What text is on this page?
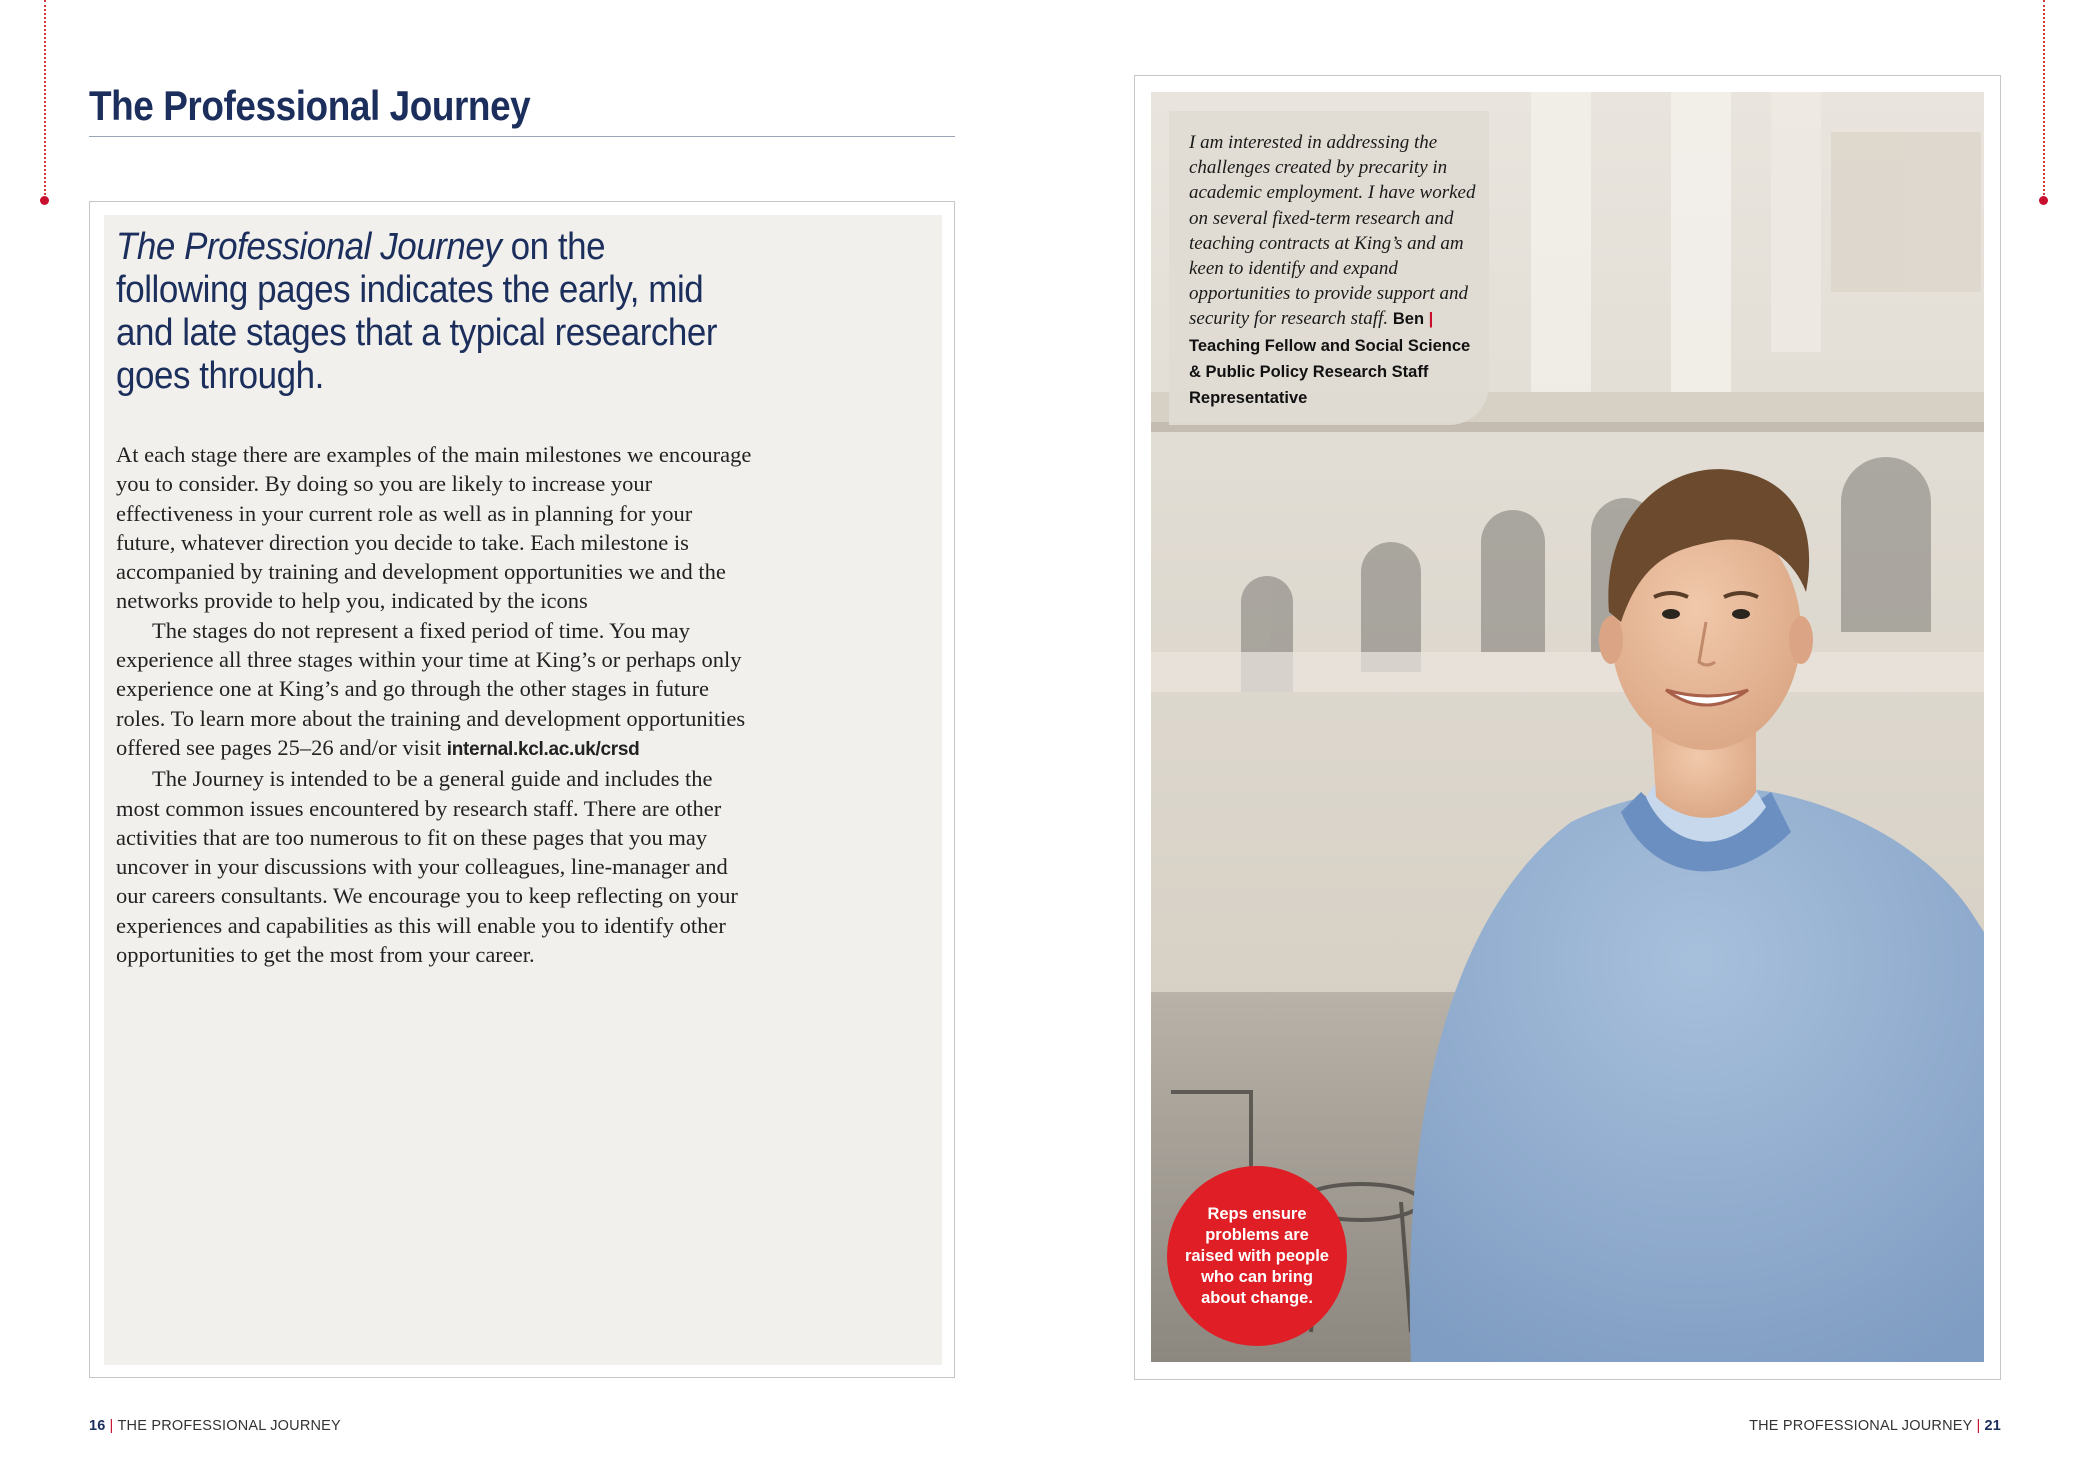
The Professional Journey
The Professional Journey on the following pages indicates the early, mid and late stages that a typical researcher goes through.

At each stage there are examples of the main milestones we encourage you to consider. By doing so you are likely to increase your effectiveness in your current role as well as in planning for your future, whatever direction you decide to take. Each milestone is accompanied by training and development opportunities we and the networks provide to help you, indicated by the icons

The stages do not represent a fixed period of time. You may experience all three stages within your time at King’s or perhaps only experience one at King’s and go through the other stages in future roles. To learn more about the training and development opportunities offered see pages 25–26 and/or visit internal.kcl.ac.uk/crsd

The Journey is intended to be a general guide and includes the most common issues encountered by research staff. There are other activities that are too numerous to fit on these pages that you may uncover in your discussions with your colleagues, line-manager and our careers consultants. We encourage you to keep reflecting on your experiences and capabilities as this will enable you to identify other opportunities to get the most from your career.

16 | THE PROFESSIONAL JOURNEY
I am interested in addressing the challenges created by precarity in academic employment. I have worked on several fixed-term research and teaching contracts at King’s and am keen to identify and expand opportunities to provide support and security for research staff. Ben | Teaching Fellow and Social Science & Public Policy Research Staff Representative
Reps ensure problems are raised with people who can bring about change.
THE PROFESSIONAL JOURNEY | 21
